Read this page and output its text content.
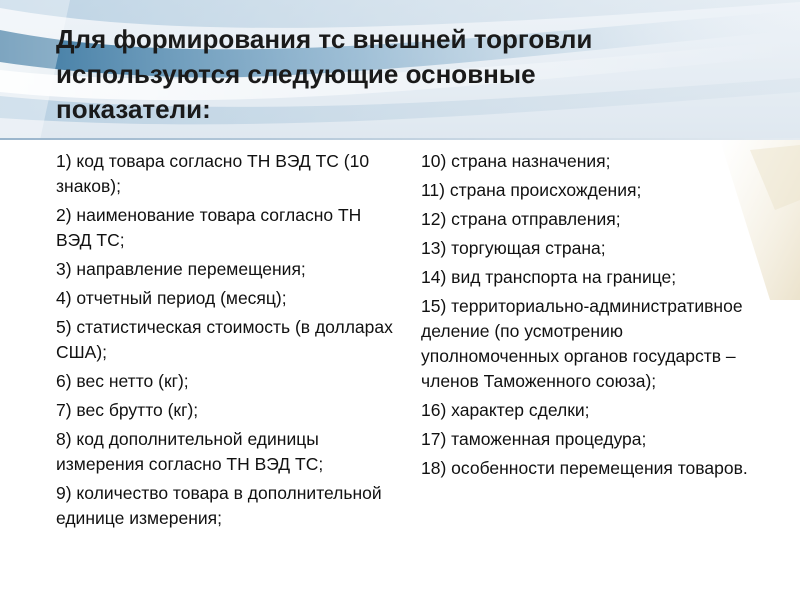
Для формирования тс внешней торговли используются следующие основные показатели:
1) код товара согласно ТН ВЭД ТС (10 знаков);
2) наименование товара согласно ТН ВЭД ТС;
3) направление перемещения;
4) отчетный период (месяц);
5) статистическая стоимость (в долларах США);
6) вес нетто (кг);
7) вес брутто (кг);
8) код дополнительной единицы измерения согласно ТН ВЭД ТС;
9) количество товара в дополнительной единице измерения;
10) страна назначения;
11) страна происхождения;
12) страна отправления;
13) торгующая страна;
14) вид транспорта на границе;
15) территориально-административное деление (по усмотрению уполномоченных органов государств – членов Таможенного союза);
16) характер сделки;
17) таможенная процедура;
18) особенности перемещения товаров.
